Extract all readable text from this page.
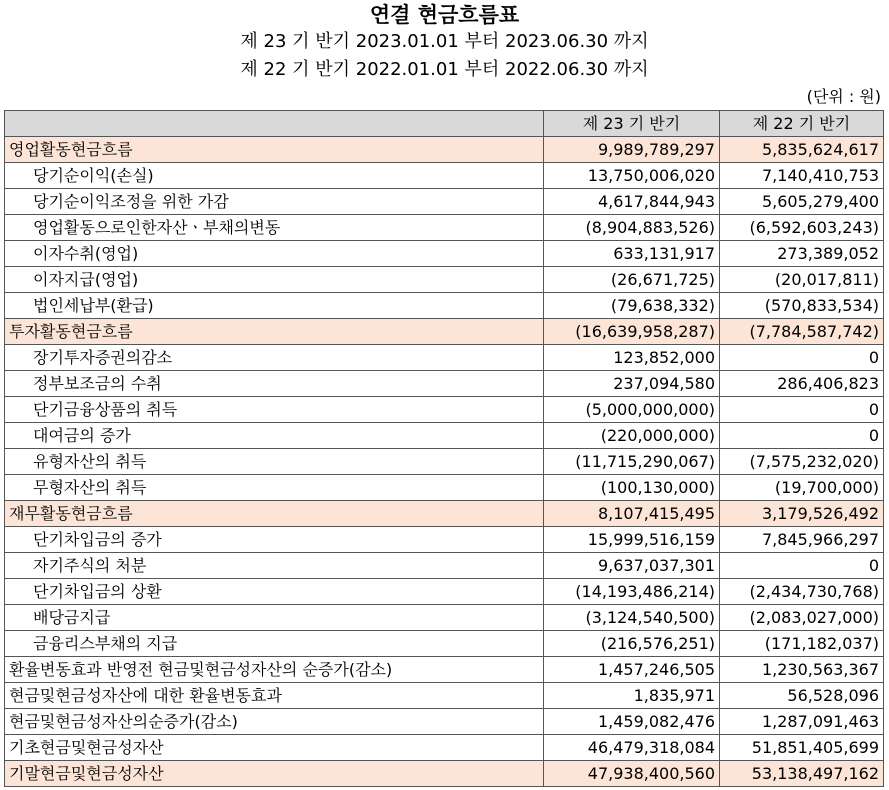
연결 현금흐름표
제 23 기 반기 2023.01.01 부터 2023.06.30 까지
제 22 기 반기 2022.01.01 부터 2022.06.30 까지
(단위 : 원)
	제 23 기 반기	제 22 기 반기
영업활동현금흐름	9,989,789,297	5,835,624,617
당기순이익(손실)	13,750,006,020	7,140,410,753
당기순이익조정을 위한 가감	4,617,844,943	5,605,279,400
영업활동으로인한자산ㆍ부채의변동	(8,904,883,526)	(6,592,603,243)
이자수취(영업)	633,131,917	273,389,052
이자지급(영업)	(26,671,725)	(20,017,811)
법인세납부(환급)	(79,638,332)	(570,833,534)
투자활동현금흐름	(16,639,958,287)	(7,784,587,742)
장기투자증권의감소	123,852,000	0
정부보조금의 수취	237,094,580	286,406,823
단기금융상품의 취득	(5,000,000,000)	0
대여금의 증가	(220,000,000)	0
유형자산의 취득	(11,715,290,067)	(7,575,232,020)
무형자산의 취득	(100,130,000)	(19,700,000)
재무활동현금흐름	8,107,415,495	3,179,526,492
단기차입금의 증가	15,999,516,159	7,845,966,297
자기주식의 처분	9,637,037,301	0
단기차입금의 상환	(14,193,486,214)	(2,434,730,768)
배당금지급	(3,124,540,500)	(2,083,027,000)
금융리스부채의 지급	(216,576,251)	(171,182,037)
환율변동효과 반영전 현금및현금성자산의 순증가(감소)	1,457,246,505	1,230,563,367
현금및현금성자산에 대한 환율변동효과	1,835,971	56,528,096
현금및현금성자산의순증가(감소)	1,459,082,476	1,287,091,463
기초현금및현금성자산	46,479,318,084	51,851,405,699
기말현금및현금성자산	47,938,400,560	53,138,497,162
